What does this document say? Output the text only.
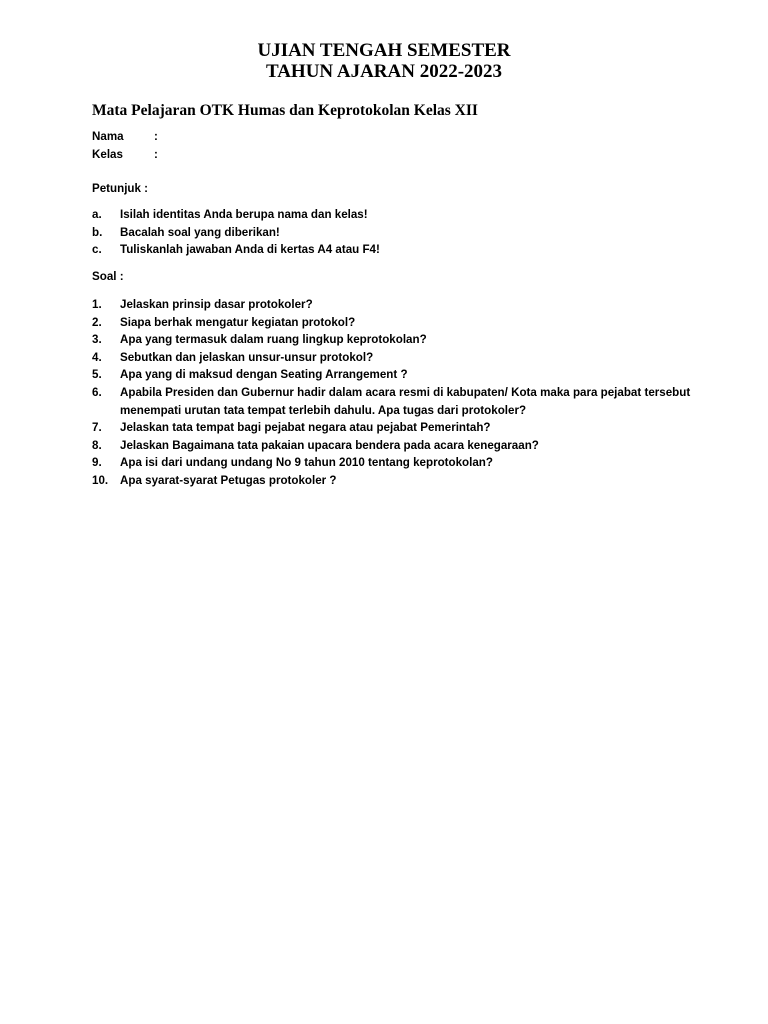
UJIAN TENGAH SEMESTER
TAHUN AJARAN 2022-2023
Mata Pelajaran OTK Humas dan Keprotokolan Kelas XII
Nama	:
Kelas	:
Petunjuk :
a.	Isilah identitas Anda berupa nama dan kelas!
b.	Bacalah soal yang diberikan!
c.	Tuliskanlah jawaban Anda di kertas A4 atau F4!
Soal :
1.	Jelaskan prinsip dasar protokoler?
2.	Siapa berhak mengatur kegiatan protokol?
3.	Apa yang termasuk dalam ruang lingkup keprotokolan?
4.	Sebutkan dan jelaskan unsur-unsur protokol?
5.	Apa yang di maksud dengan Seating Arrangement ?
6.	Apabila Presiden dan Gubernur hadir dalam acara resmi di kabupaten/ Kota maka para pejabat tersebut menempati urutan tata tempat terlebih dahulu. Apa tugas dari protokoler?
7.	Jelaskan tata tempat bagi pejabat negara atau pejabat Pemerintah?
8.	Jelaskan Bagaimana tata pakaian upacara bendera pada acara kenegaraan?
9.	Apa isi dari undang undang No 9 tahun 2010 tentang keprotokolan?
10.	Apa syarat-syarat Petugas protokoler ?
